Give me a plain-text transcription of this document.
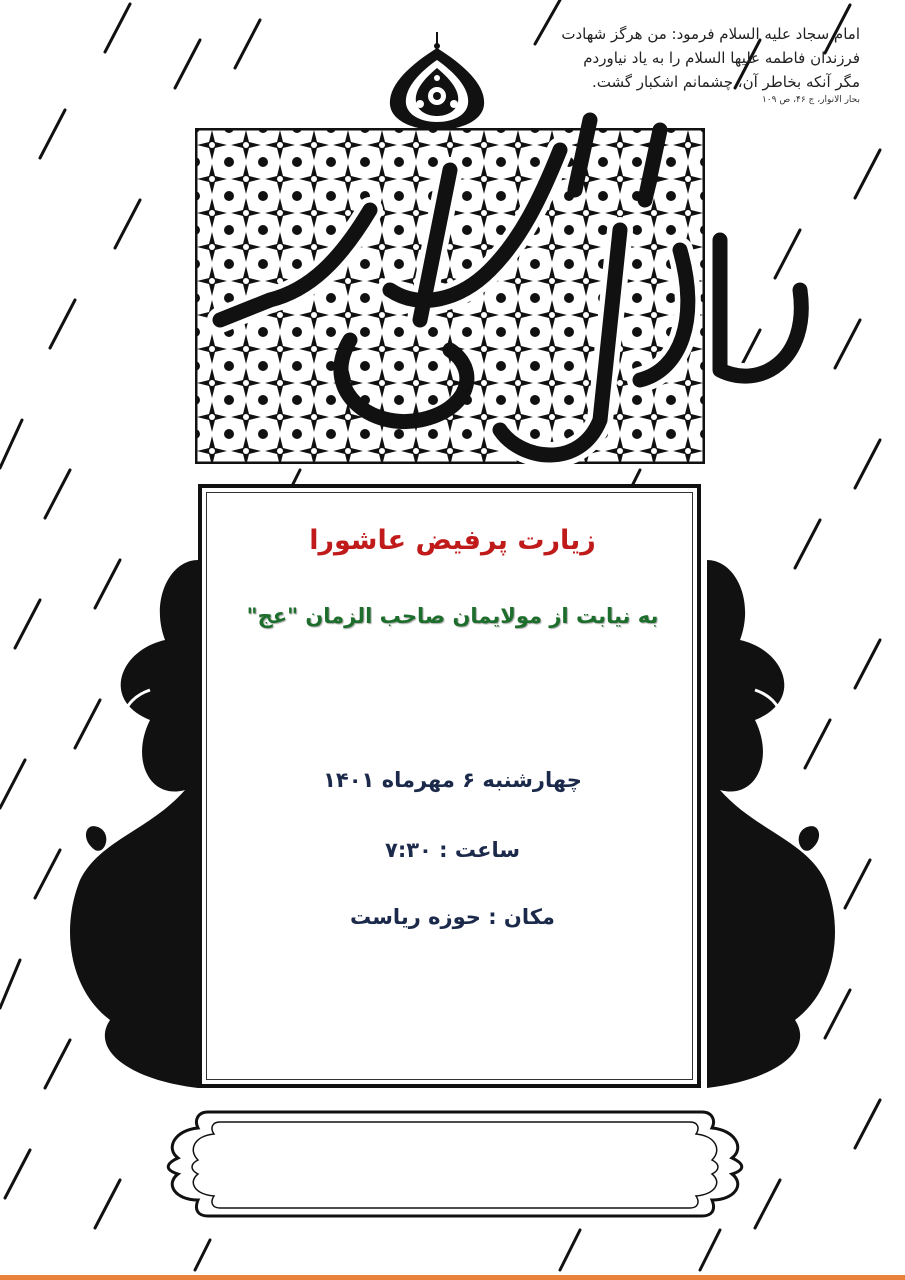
امام سجاد علیه السلام فرمود: من هرگز شهادت
فرزندان فاطمه علیها السلام را به یاد نیاوردم
مگر آنکه بخاطر آن، چشمانم اشکبار گشت.
بحار الانوار، ج ۴۶، ص ۱۰۹
زیارت پرفیض عاشورا
به نیابت از مولایمان صاحب الزمان "عج"
چهارشنبه ۶ مهرماه ۱۴۰۱
ساعت : ۷:۳۰
مکان : حوزه ریاست
